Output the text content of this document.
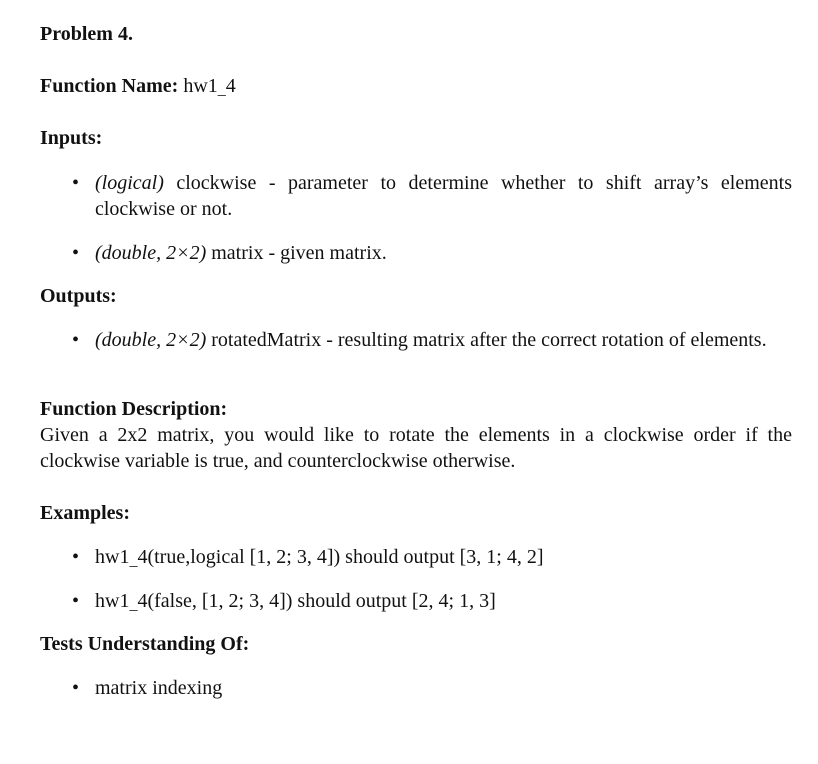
Problem 4.
Function Name: hw1_4
Inputs:
• (logical) clockwise - parameter to determine whether to shift array’s elements clockwise or not.
• (double, 2×2) matrix - given matrix.
Outputs:
• (double, 2×2) rotatedMatrix - resulting matrix after the correct rotation of elements.
Function Description:
Given a 2x2 matrix, you would like to rotate the elements in a clockwise order if the clockwise variable is true, and counterclockwise otherwise.
Examples:
• hw1_4(true,logical [1, 2; 3, 4]) should output [3, 1; 4, 2]
• hw1_4(false, [1, 2; 3, 4]) should output [2, 4; 1, 3]
Tests Understanding Of:
• matrix indexing
